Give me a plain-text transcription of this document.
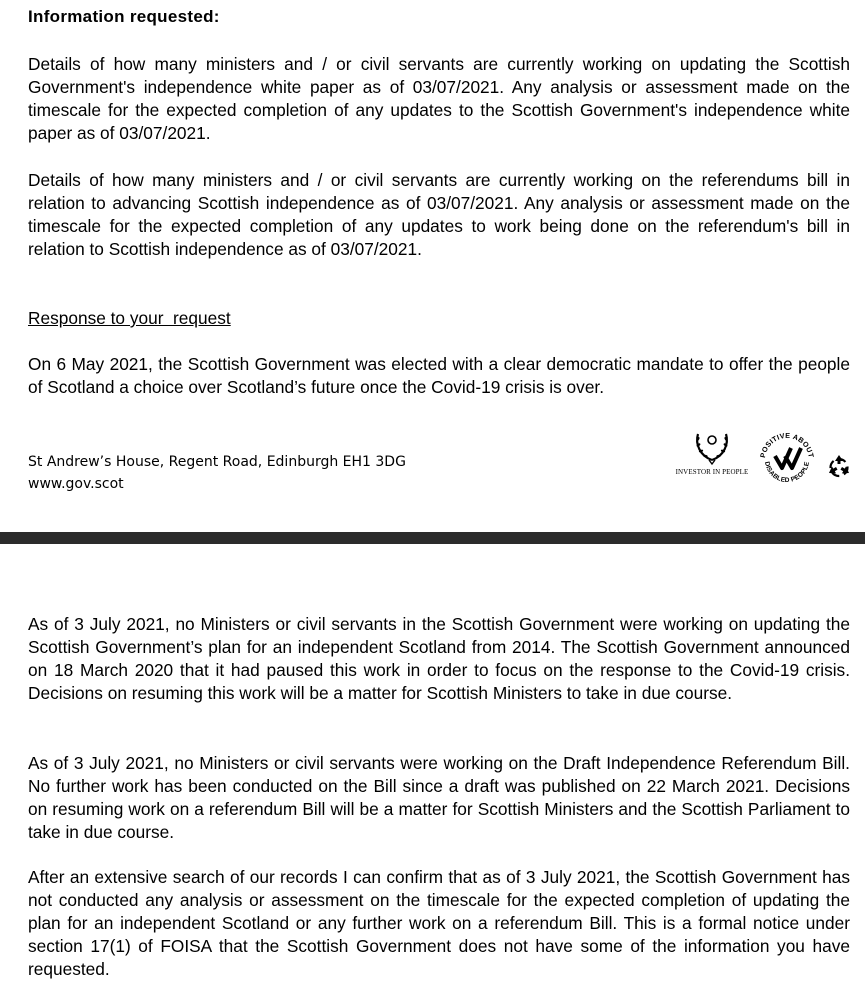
Information requested:

Details of how many ministers and / or civil servants are currently working on updating the Scottish Government's independence white paper as of 03/07/2021. Any analysis or assessment made on the timescale for the expected completion of any updates to the Scottish Government's independence white paper as of 03/07/2021.

Details of how many ministers and / or civil servants are currently working on the referendums bill in relation to advancing Scottish independence as of 03/07/2021. Any analysis or assessment made on the timescale for the expected completion of any updates to work being done on the referendum's bill in relation to Scottish independence as of 03/07/2021.

Response to your  request

On 6 May 2021, the Scottish Government was elected with a clear democratic mandate to offer the people of Scotland a choice over Scotland’s future once the Covid-19 crisis is over.

St Andrew’s House, Regent Road, Edinburgh EH1 3DG
www.gov.scot
INVESTOR IN PEOPLE
POSITIVE ABOUT
DISABLED PEOPLE

As of 3 July 2021, no Ministers or civil servants in the Scottish Government were working on updating the Scottish Government’s plan for an independent Scotland from 2014. The Scottish Government announced on 18 March 2020 that it had paused this work in order to focus on the response to the Covid-19 crisis. Decisions on resuming this work will be a matter for Scottish Ministers to take in due course.

As of 3 July 2021, no Ministers or civil servants were working on the Draft Independence Referendum Bill. No further work has been conducted on the Bill since a draft was published on 22 March 2021. Decisions on resuming work on a referendum Bill will be a matter for Scottish Ministers and the Scottish Parliament to take in due course.

After an extensive search of our records I can confirm that as of 3 July 2021, the Scottish Government has not conducted any analysis or assessment on the timescale for the expected completion of updating the plan for an independent Scotland or any further work on a referendum Bill. This is a formal notice under section 17(1) of FOISA that the Scottish Government does not have some of the information you have requested.
